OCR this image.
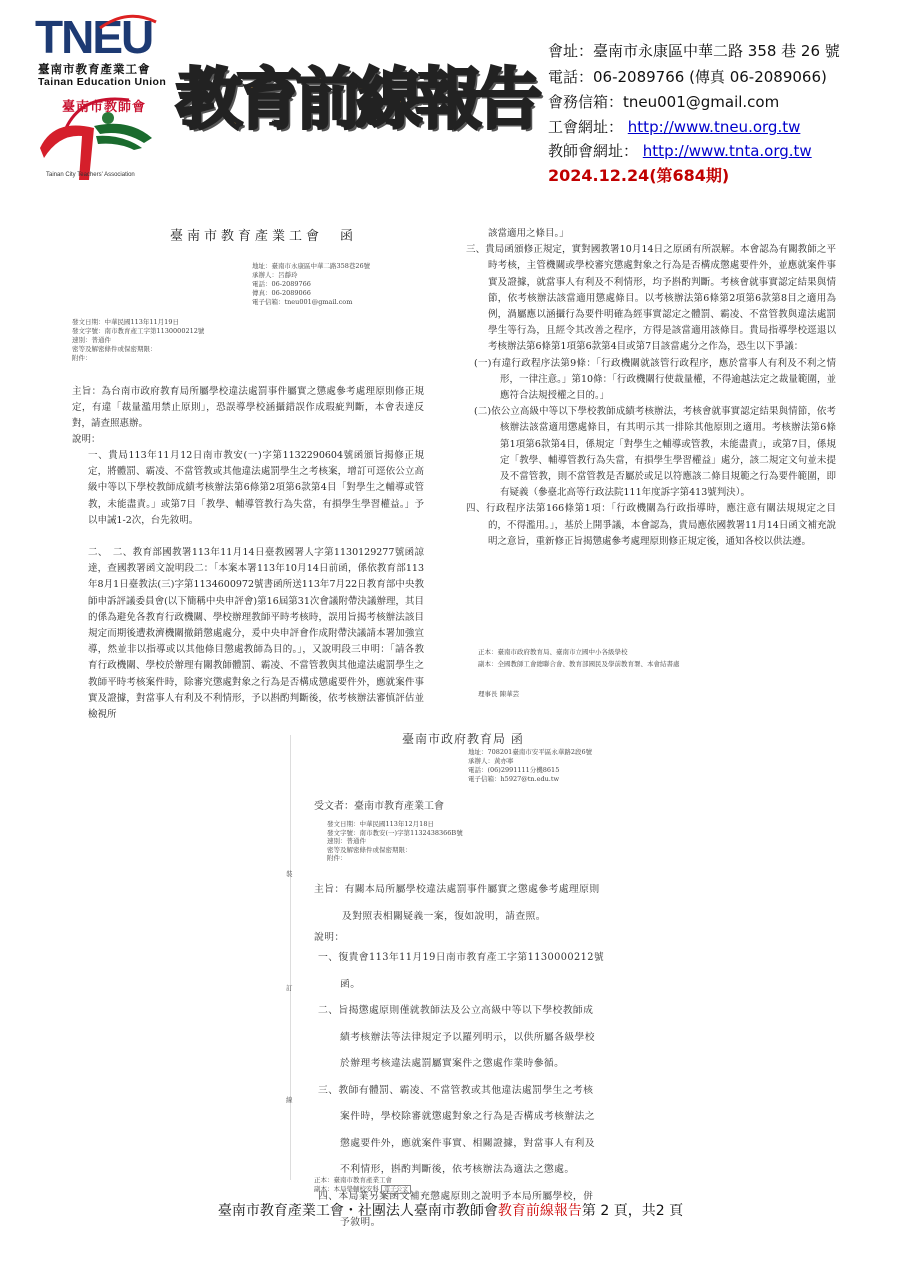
TNEU
臺南市教育產業工會
Tainan Education Union
臺南市教師會
Tainan City Teachers' Association
教育前線報告
會址：臺南市永康區中華二路 358 巷 26 號
電話：06-2089766 (傳真 06-2089066)
會務信箱：tneu001@gmail.com
工會網址： http://www.tneu.org.tw
教師會網址： http://www.tnta.org.tw
2024.12.24(第684期)
臺南市教育產業工會　函
地址：臺南市永康區中華二路358巷26號
承辦人：呂靜玲
電話：06-2089766
傳真：06-2089066
電子信箱：tneu001@gmail.com
發文日期：中華民國113年11月19日
發文字號：南市教育產工字第1130000212號
速別：普通件
密等及解密條件或保密期限：
附件：
主旨：為台南市政府教育局所屬學校違法處罰事件屬實之懲處參考處理原則修正規定，有違「裁量濫用禁止原則」，恐誤導學校涵攝錯誤作成瑕疵判斷，本會表達反對，請查照惠辦。
說明：
一、貴局113年11月12日南市教安(一)字第1132290604號函頒旨揭修正規定，將體罰、霸凌、不當管教或其他違法處罰學生之考核案，增訂可逕依公立高級中等以下學校教師成績考核辦法第6條第2項第6款第4目「對學生之輔導或管教，未能盡責。」或第7目「教學、輔導管教行為失當，有損學生學習權益。」予以申誡1-2次，台先敘明。
二、　二、教育部國教署113年11月14日臺教國署人字第1130129277號函諒達，查國教署函文說明段二：「本案本署113年10月14日前函，係依教育部113年8月1日臺教法(三)字第1134600972號書函所送113年7月22日教育部中央教師申訴評議委員會(以下簡稱中央申評會)第16屆第31次會議附帶決議辦理，其目的係為避免各教育行政機關、學校辦理教師平時考核時，誤用旨揭考核辦法該目規定而期後遭救濟機關撤銷懲處處分，爰中央申評會作成附帶決議請本署加強宣導，然並非以指導或以其他條目懲處教師為目的。」，又說明段三申明：「請各教育行政機關、學校於辦理有關教師體罰、霸凌、不當管教與其他違法處罰學生之教師平時考核案件時，除審究懲處對象之行為是否構成懲處要件外，應就案件事實及證據，對當事人有利及不利情形，予以斟酌判斷後，依考核辦法審慎評估並檢視所
該當適用之條目。」
三、貴局函頒修正規定，實對國教署10月14日之原函有所誤解。本會認為有關教師之平時考核，主管機關或學校審究懲處對象之行為是否構成懲處要件外，並應就案件事實及證據，就當事人有利及不利情形，均予斟酌判斷。考核會就事實認定結果與情節，依考核辦法該當適用懲處條目。以考核辦法第6條第2項第6款第8目之適用為例，渦屬應以涵攝行為要件明確為經事實認定之體罰、霸凌、不當管教與違法處罰學生等行為，且經令其改善之程序，方得是該當適用該條目。貴局指導學校逕退以考核辦法第6條第1項第6款第4目或第7目該當處分之作為，恐生以下爭議：
(一)有違行政程序法第9條：「行政機關就該管行政程序，應於當事人有利及不利之情形，一律注意。」第10條：「行政機關行使裁量權，不得逾越法定之裁量範圍，並應符合法規授權之目的。」
(二)依公立高級中等以下學校教師成績考核辦法，考核會就事實認定結果與情節，依考核辦法該當適用懲處條目，有其明示其一排除其他原則之適用。考核辦法第6條第1項第6款第4目，係規定「對學生之輔導或管教，未能盡責」，或第7目，係規定「教學、輔導管教行為失當，有損學生學習權益」處分，該二規定文句並未提及不當管教，則不當管教是否屬於或足以符應該二條目規範之行為要件範圍，即有疑義（參臺北高等行政法院111年度訴字第413號判決）。
四、行政程序法第166條第1項：「行政機關為行政指導時，應注意有關法規規定之目的，不得濫用。」，基於上開爭議，本會認為，貴局應依國教署11月14日函文補充說明之意旨，重新修正旨揭懲處參考處理原則修正規定後，通知各校以供法遵。
正本：臺南市政府教育局、臺南市立國中小各級學校
副本：全國教師工會總聯合會、教育部國民及學前教育署、本會結書處
理事長 陳華芸
裝
訂
線
臺南市政府教育局 函
地址：708201臺南市安平區永華路2段6號
承辦人：黃亦寧
電話：(06)2991111分機8615
電子信箱：h5927@tn.edu.tw
受文者：臺南市教育產業工會
發文日期：中華民國113年12月18日
發文字號：南市教安(一)字第1132438366B號
速別：普通件
密等及解密條件或保密期限：
附件：
主旨：有關本局所屬學校違法處罰事件屬實之懲處參考處理原則
及對照表相關疑義一案，復如說明，請查照。
說明：
一、復貴會113年11月19日南市教育產工字第1130000212號
函。
二、旨揭懲處原則僅就教師法及公立高級中等以下學校教師成
績考核辦法等法律規定予以羅列明示，以供所屬各級學校
於辦理考核違法處罰屬實案件之懲處作業時參循。
三、教師有體罰、霸凌、不當管教或其他違法處罰學生之考核
案件時，學校除審就懲處對象之行為是否構成考核辦法之
懲處要件外，應就案件事實、相關證據，對當事人有利及
不利情形，斟酌判斷後，依考核辦法為適法之懲處。
四、本局業另案函文補充懲處原則之說明予本局所屬學校，併
予敘明。
正本：臺南市教育產業工會
副本：本局學輔校安科 電子公文
臺南市教育產業工會・社團法人臺南市教師會教育前線報告第 2 頁，共2 頁
